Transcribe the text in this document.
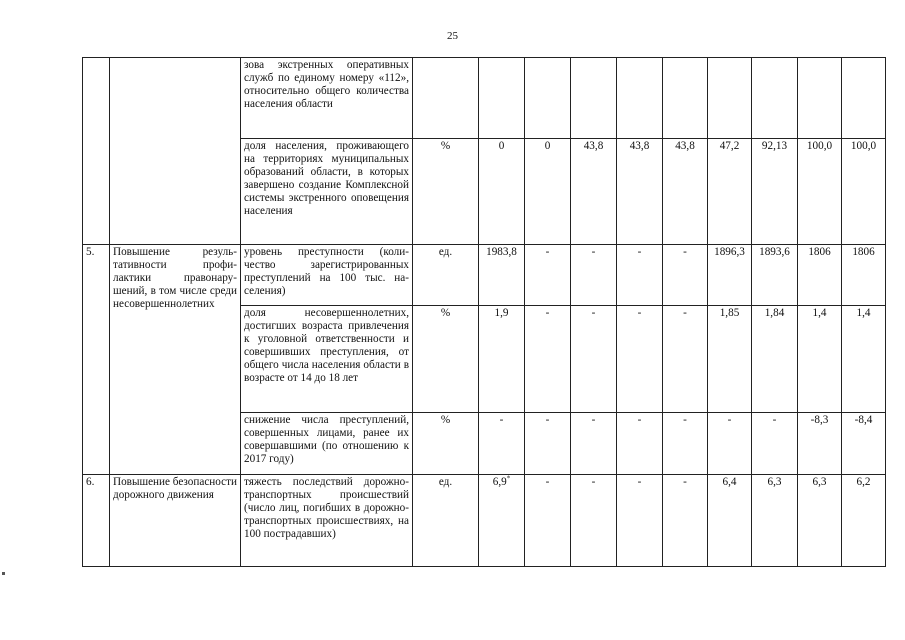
25
		зова экстренных оперативных служб по единому номеру «112», относительно общего количества населения области										
		доля населения, проживающего на территориях муниципальных образований области, в которых завершено создание Комплексной системы экстренного оповещения населения	%	0	0	43,8	43,8	43,8	47,2	92,13	100,0	100,0
5.	Повышение результативности профилактики правонарушений, в том числе среди несовершеннолетних	уровень преступности (количество зарегистрированных преступлений на 100 тыс. населения)	ед.	1983,8	-	-	-	-	1896,3	1893,6	1806	1806
		доля несовершеннолетних, достигших возраста привлечения к уголовной ответственности и совершивших преступления, от общего числа населения области в возрасте от 14 до 18 лет	%	1,9	-	-	-	-	1,85	1,84	1,4	1,4
		снижение числа преступлений, совершенных лицами, ранее их совершавшими (по отношению к 2017 году)	%	-	-	-	-	-	-	-	-8,3	-8,4
6.	Повышение безопасности дорожного движения	тяжесть последствий дорожно-транспортных происшествий (число лиц, погибших в дорожно-транспортных происшествиях, на 100 пострадавших)	ед.	6,9*	-	-	-	-	6,4	6,3	6,3	6,2
